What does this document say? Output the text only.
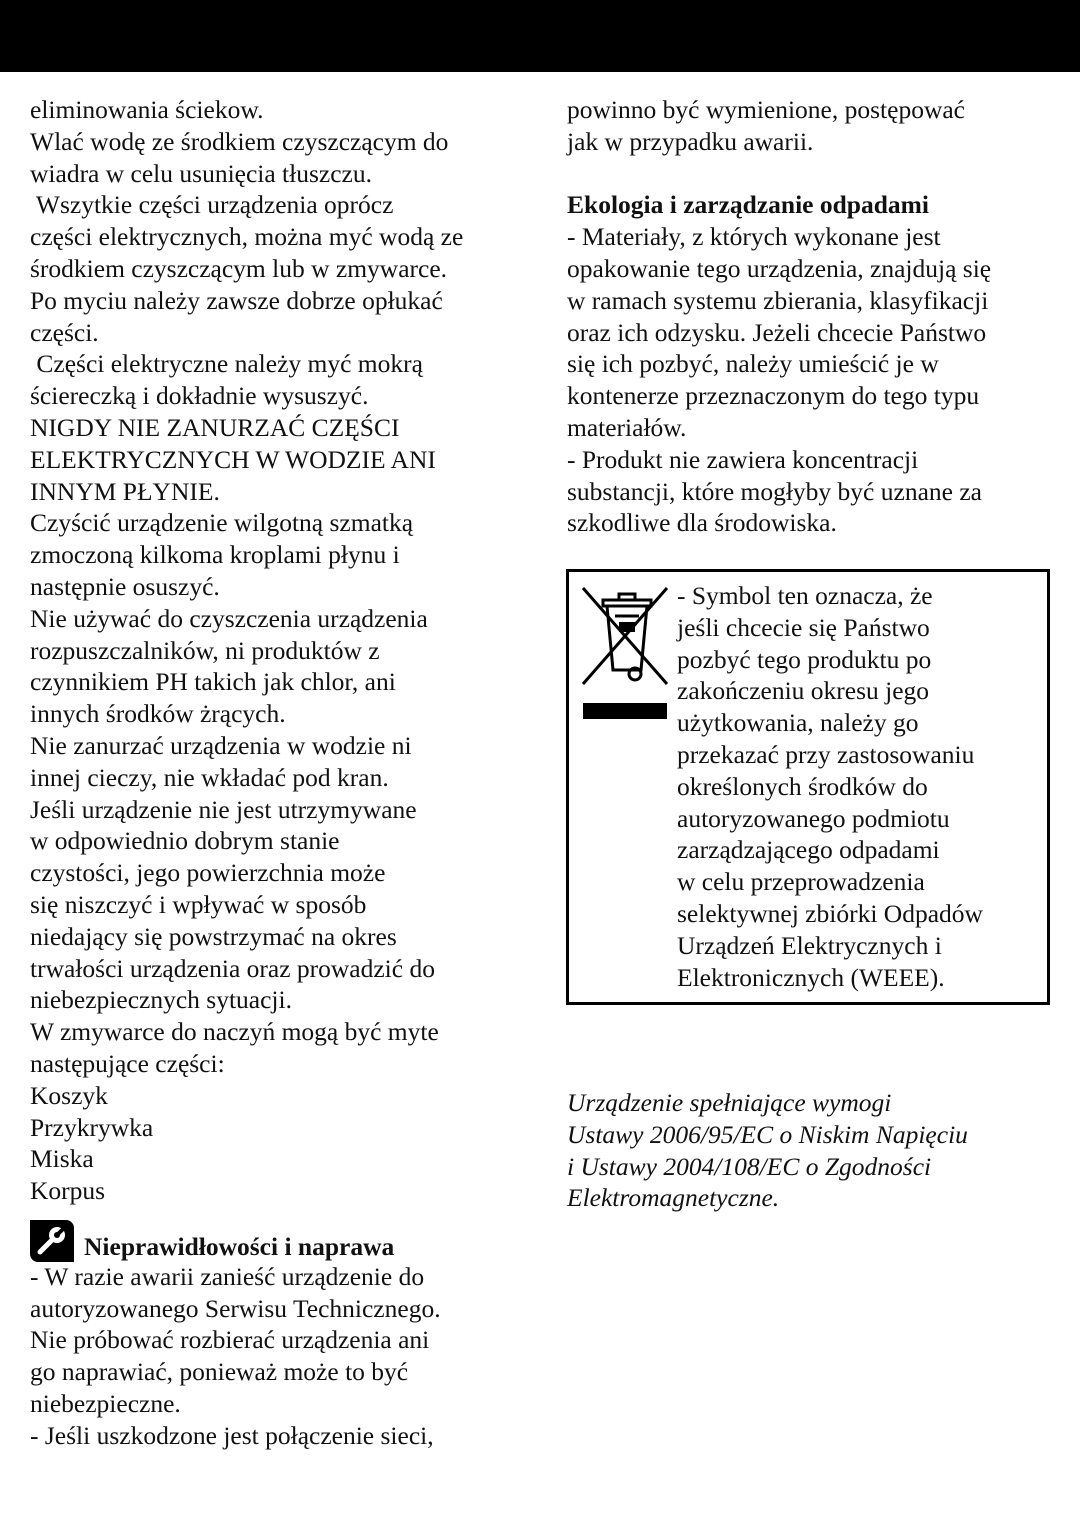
eliminowania ściekow.
Wlać wodę ze środkiem czyszczącym do
wiadra w celu usunięcia tłuszczu.
Wszytkie części urządzenia oprócz
części elektrycznych, można myć wodą ze
środkiem czyszczącym lub w zmywarce.
Po myciu należy zawsze dobrze opłukać
części.
Części elektryczne należy myć mokrą
ściereczką i dokładnie wysuszyć.
NIGDY NIE ZANURZAĆ CZĘŚCI
ELEKTRYCZNYCH W WODZIE ANI
INNYM PŁYNIE.
Czyścić urządzenie wilgotną szmatką
zmoczoną kilkoma kroplami płynu i
następnie osuszyć.
Nie używać do czyszczenia urządzenia
rozpuszczalników, ni produktów z
czynnikiem PH takich jak chlor, ani
innych środków żrących.
Nie zanurzać urządzenia w wodzie ni
innej cieczy, nie wkładać pod kran.
Jeśli urządzenie nie jest utrzymywane
w odpowiednio dobrym stanie
czystości, jego powierzchnia może
się niszczyć i wpływać w sposób
niedający się powstrzymać na okres
trwałości urządzenia oraz prowadzić do
niebezpiecznych sytuacji.
W zmywarce do naczyń mogą być myte
następujące części:
Koszyk
Przykrywka
Miska
Korpus
Nieprawidłowości i naprawa
- W razie awarii zanieść urządzenie do
autoryzowanego Serwisu Technicznego.
Nie próbować rozbierać urządzenia ani
go naprawiać, ponieważ może to być
niebezpieczne.
- Jeśli uszkodzone jest połączenie sieci,
powinno być wymienione, postępować
jak w przypadku awarii.
Ekologia i zarządzanie odpadami
- Materiały, z których wykonane jest
opakowanie tego urządzenia, znajdują się
w ramach systemu zbierania, klasyfikacji
oraz ich odzysku. Jeżeli chcecie Państwo
się ich pozbyć, należy umieścić je w
kontenerze przeznaczonym do tego typu
materiałów.
- Produkt nie zawiera koncentracji
substancji, które mogłyby być uznane za
szkodliwe dla środowiska.
- Symbol ten oznacza, że
jeśli chcecie się Państwo
pozbyć tego produktu po
zakończeniu okresu jego
użytkowania, należy go
przekazać przy zastosowaniu
określonych środków do
autoryzowanego podmiotu
zarządzającego odpadami
w celu przeprowadzenia
selektywnej zbiórki Odpadów
Urządzeń Elektrycznych i
Elektronicznych (WEEE).
Urządzenie spełniające wymogi
Ustawy 2006/95/EC o Niskim Napięciu
i Ustawy 2004/108/EC o Zgodności
Elektromagnetyczne.
